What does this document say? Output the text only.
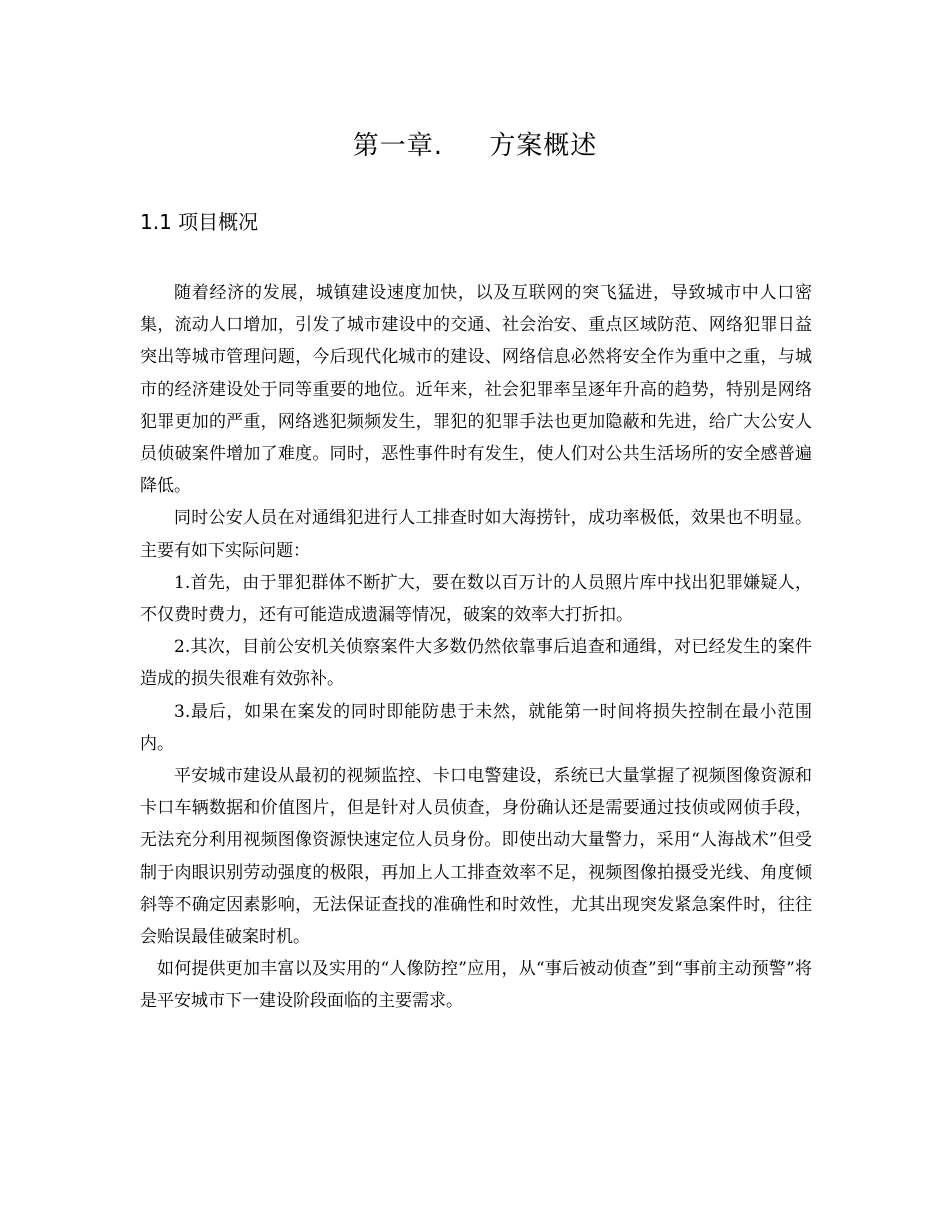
第一章.     方案概述
1.1 项目概况

随着经济的发展，城镇建设速度加快，以及互联网的突飞猛进，导致城市中人口密集，流动人口增加，引发了城市建设中的交通、社会治安、重点区域防范、网络犯罪日益突出等城市管理问题，今后现代化城市的建设、网络信息必然将安全作为重中之重，与城市的经济建设处于同等重要的地位。近年来，社会犯罪率呈逐年升高的趋势，特别是网络犯罪更加的严重，网络逃犯频频发生，罪犯的犯罪手法也更加隐蔽和先进，给广大公安人员侦破案件增加了难度。同时，恶性事件时有发生，使人们对公共生活场所的安全感普遍降低。

同时公安人员在对通缉犯进行人工排查时如大海捞针，成功率极低，效果也不明显。主要有如下实际问题：

1.首先，由于罪犯群体不断扩大，要在数以百万计的人员照片库中找出犯罪嫌疑人，不仅费时费力，还有可能造成遗漏等情况，破案的效率大打折扣。

2.其次，目前公安机关侦察案件大多数仍然依靠事后追查和通缉，对已经发生的案件造成的损失很难有效弥补。

3.最后，如果在案发的同时即能防患于未然，就能第一时间将损失控制在最小范围内。

平安城市建设从最初的视频监控、卡口电警建设，系统已大量掌握了视频图像资源和卡口车辆数据和价值图片，但是针对人员侦查，身份确认还是需要通过技侦或网侦手段，无法充分利用视频图像资源快速定位人员身份。即使出动大量警力，采用“人海战术”但受制于肉眼识别劳动强度的极限，再加上人工排查效率不足，视频图像拍摄受光线、角度倾斜等不确定因素影响，无法保证查找的准确性和时效性，尤其出现突发紧急案件时，往往会贻误最佳破案时机。

如何提供更加丰富以及实用的“人像防控”应用，从“事后被动侦查”到“事前主动预警”将是平安城市下一建设阶段面临的主要需求。
